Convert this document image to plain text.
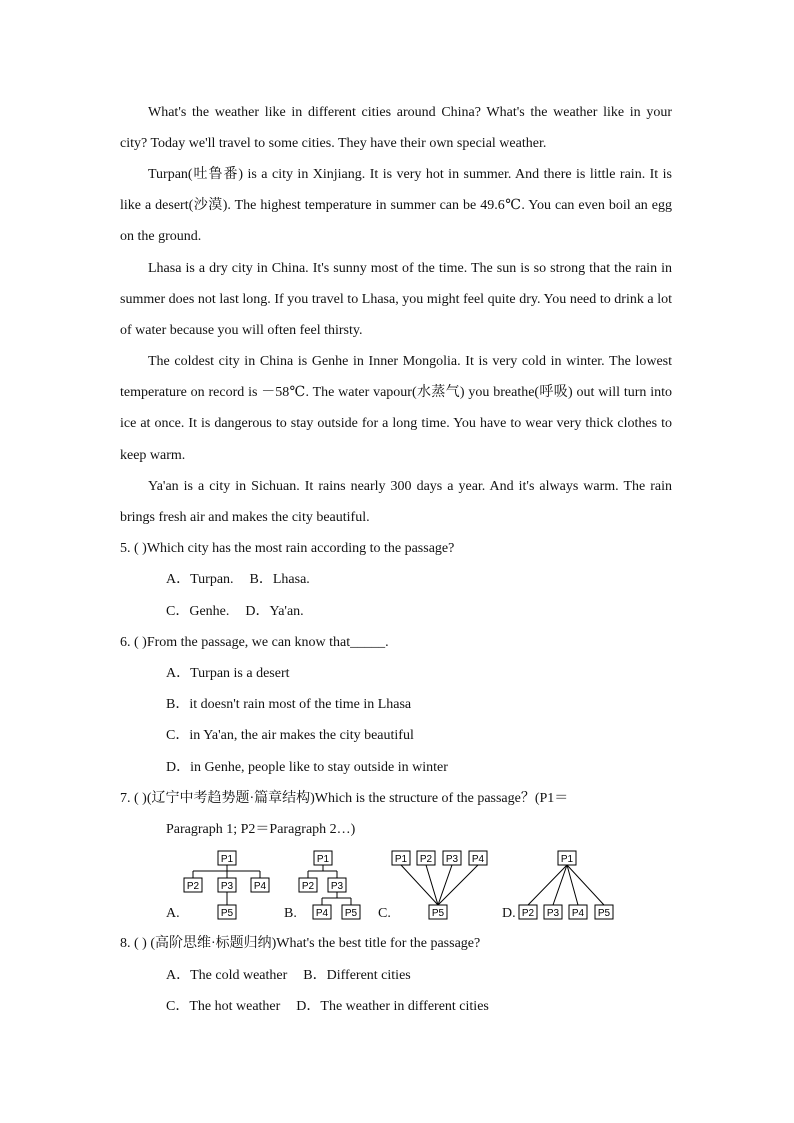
What's the weather like in different cities around China? What's the weather like in your city? Today we'll travel to some cities. They have their own special weather.

Turpan(吐鲁番) is a city in Xinjiang. It is very hot in summer. And there is little rain. It is like a desert(沙漠). The highest temperature in summer can be 49.6℃. You can even boil an egg on the ground.

Lhasa is a dry city in China. It's sunny most of the time. The sun is so strong that the rain in summer does not last long. If you travel to Lhasa, you might feel quite dry. You need to drink a lot of water because you will often feel thirsty.

The coldest city in China is Genhe in Inner Mongolia. It is very cold in winter. The lowest temperature on record is －58℃. The water vapour(水蒸气) you breathe(呼吸) out will turn into ice at once. It is dangerous to stay outside for a long time. You have to wear very thick clothes to keep warm.

Ya'an is a city in Sichuan. It rains nearly 300 days a year. And it's always warm. The rain brings fresh air and makes the city beautiful.

5. ( )Which city has the most rain according to the passage?
A．Turpan. B．Lhasa.
C．Genhe. D．Ya'an.
6. ( )From the passage, we can know that_____.
A．Turpan is a desert
B．it doesn't rain most of the time in Lhasa
C．in Ya'an, the air makes the city beautiful
D．in Genhe, people like to stay outside in winter
7. ( )(辽宁中考趋势题·篇章结构)Which is the structure of the passage？(P1＝
Paragraph 1; P2＝Paragraph 2…)
P1
P2 P3 P4
P5
P1
P2 P3
P4 P5
P1 P2 P3 P4
P5
P1
P2 P3 P4 P5
A.	B.	C.	D.
8. ( ) (高阶思维·标题归纳)What's the best title for the passage?
A．The cold weather B．Different cities
C．The hot weather D．The weather in different cities
